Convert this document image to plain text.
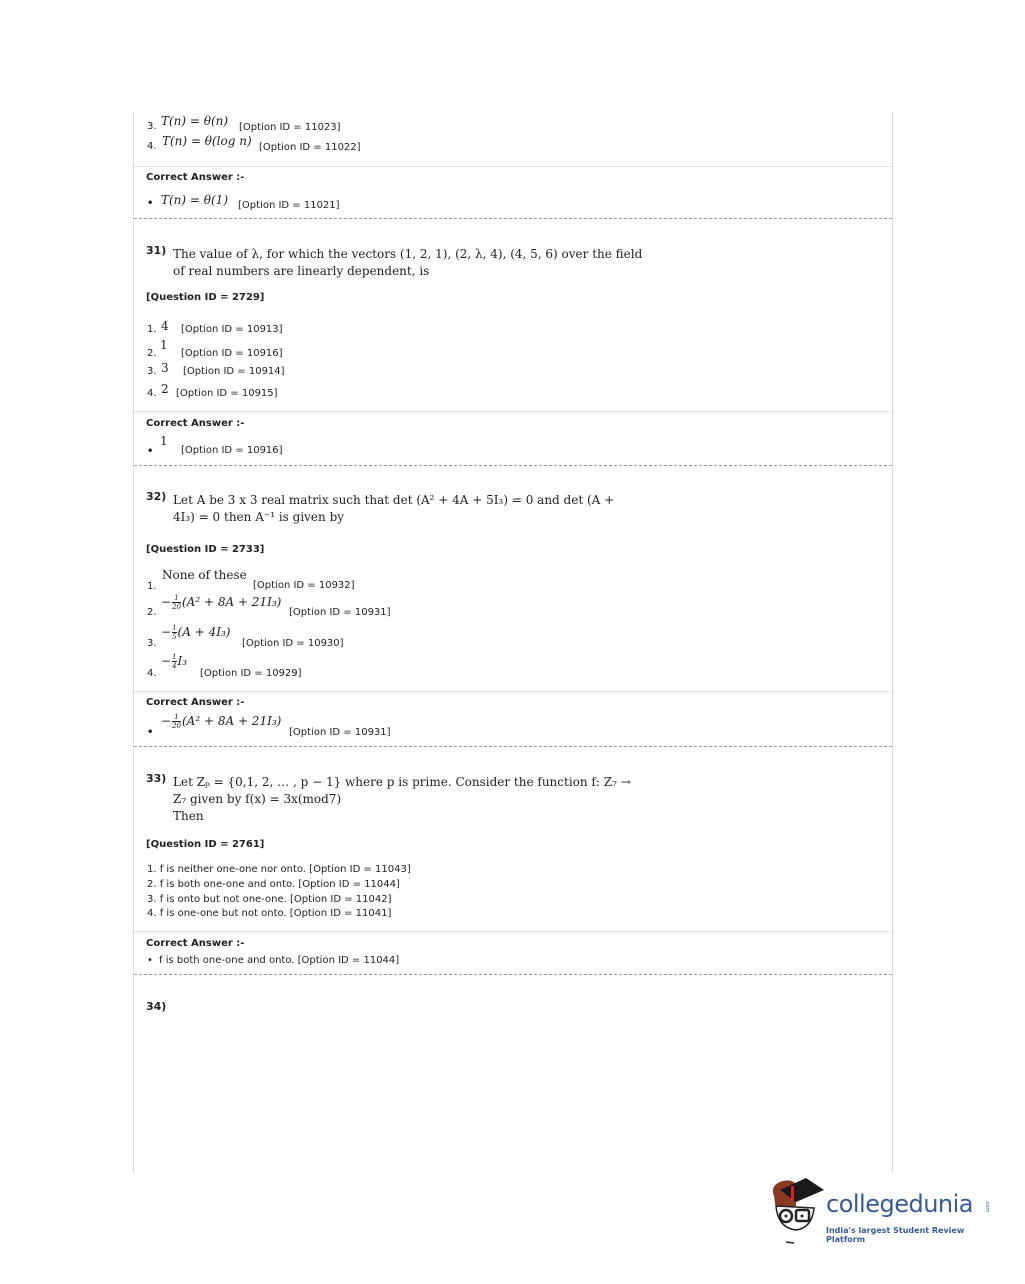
3. T(n) = θ(n) [Option ID = 11023]
4. T(n) = θ(log n) [Option ID = 11022]
Correct Answer :-
• T(n) = θ(1) [Option ID = 11021]
31) The value of λ, for which the vectors (1, 2, 1), (2, λ, 4), (4, 5, 6) over the field
of real numbers are linearly dependent, is
[Question ID = 2729]
1. 4 [Option ID = 10913]
2.
1
[Option ID = 10916]
3. 3 [Option ID = 10914]
4. 2 [Option ID = 10915]
Correct Answer :-
•
1
[Option ID = 10916]
32) Let A be 3 x 3 real matrix such that det (A² + 4A + 5I₃) = 0 and det (A +
4I₃) = 0 then A⁻¹ is given by
[Question ID = 2733]
1.
None of these
[Option ID = 10932]
2.
− $\frac{1}{20} (A^2 + 8A + 21I_3)$
[Option ID = 10931]
3.
− $\frac{1}{5} (A + 4I_3)$
[Option ID = 10930]
4.
− $\frac{1}{4} I_3$
[Option ID = 10929]
Correct Answer :-
•
− $\frac{1}{20} (A^2 + 8A + 21I_3)$
[Option ID = 10931]
33) Let Zₚ = {0,1, 2, … , p − 1} where p is prime. Consider the function f: Z₇ →
Z₇ given by f(x) = 3x(mod7)
Then
[Question ID = 2761]
1. f is neither one-one nor onto. [Option ID = 11043]
2. f is both one-one and onto. [Option ID = 11044]
3. f is onto but not one-one. [Option ID = 11042]
4. f is one-one but not onto. [Option ID = 11041]
Correct Answer :-
• f is both one-one and onto. [Option ID = 11044]
34)
collegedunia .com
India's largest Student Review Platform
